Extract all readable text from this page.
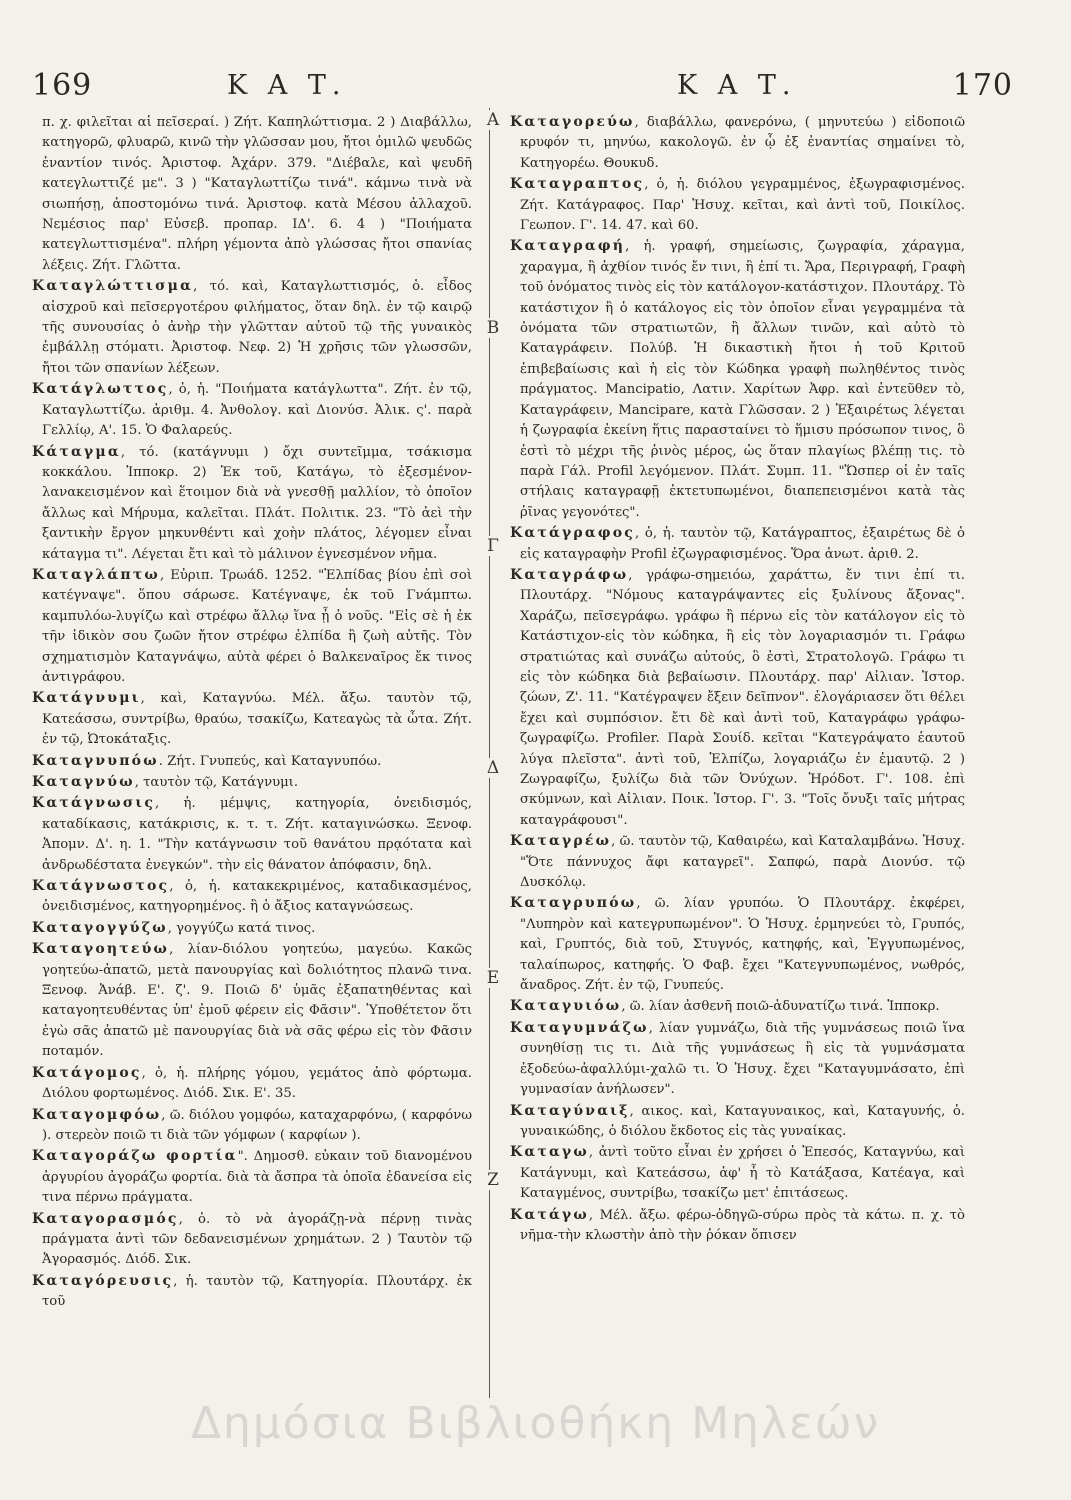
169	Κ Α Τ.	Κ Α Τ.	170

π. χ. φιλεῖται αἱ πεῖσεραί. ) Ζήτ. Καπηλώττισμα. 2 ) Διαβάλλω, κατηγορῶ, φλυαρῶ, κινῶ τὴν γλῶσσαν μου, ἤτοι ὁμιλῶ ψευδῶς ἐναντίον τινός. Ἀριστοφ. Ἀχάρν. 379. "Διέβαλε, καὶ ψευδῆ κατεγλωττιζέ με". 3 ) "Καταγλωττίζω τινά". κάμνω τινὰ νὰ σιωπήσῃ, ἀποστομόνω τινά. Ἀριστοφ. κατὰ Μέσου ἀλλαχοῦ. Νεμέσιος παρ' Εὐσεβ. προπαρ. ΙΔ'. 6. 4 ) "Ποιήματα κατεγλωττισμένα". πλήρη γέμοντα ἀπὸ γλώσσας ἤτοι σπανίας λέξεις. Ζήτ. Γλῶττα.

Καταγλώττισμα, τό. καὶ, Καταγλωττισμός, ὁ. εἶδος αἰσχροῦ καὶ πεῖσεργοτέρου φιλήματος, ὅταν δηλ. ἐν τῷ καιρῷ τῆς συνουσίας ὁ ἀνὴρ τὴν γλῶτταν αὐτοῦ τῷ τῆς γυναικὸς ἐμβάλλῃ στόματι. Ἀριστοφ. Νεφ. 2) Ἡ χρῆσις τῶν γλωσσῶν, ἤτοι τῶν σπανίων λέξεων.

Κατάγλωττος, ὁ, ἡ. "Ποιήματα κατάγλωττα". Ζήτ. ἐν τῷ, Καταγλωττίζω. ἀριθμ. 4. Ἀνθολογ. καὶ Διονύσ. Ἀλικ. ς'. παρὰ Γελλίῳ, Α'. 15. Ὁ Φαλαρεύς.

Κάταγμα, τό. (κατάγνυμι ) ὄχι συντεῖμμα, τσάκισμα κοκκάλου. Ἱπποκρ. 2) Ἐκ τοῦ, Κατάγω, τὸ ἐξεσμένον-λανακεισμένον καὶ ἕτοιμον διὰ νὰ γνεσθῇ μαλλίον, τὸ ὁποῖον ἄλλως καὶ Μήρυμα, καλεῖται. Πλάτ. Πολιτικ. 23. "Τὸ ἀεὶ τὴν ξαντικὴν ἔργον μηκυνθέντι καὶ χοὴν πλάτος, λέγομεν εἶναι κάταγμα τι". Λέγεται ἔτι καὶ τὸ μάλινον ἐγνεσμένον νῆμα.

Καταγλάπτω, Εὐριπ. Τρωάδ. 1252. "Ἐλπίδας βίου ἐπὶ σοὶ κατέγναψε". ὅπου σάρωσε. Κατέγναψε, ἐκ τοῦ Γνάμπτω. καμπυλόω-λυγίζω καὶ στρέφω ἄλλῳ ἵνα ᾖ ὁ νοῦς. "Εἰς σὲ ἡ ἐκ τῆν ἰδικὸν σου ζωῶν ἤτον στρέφω ἐλπίδα ἢ ζωὴ αὐτῆς. Τὸν σχηματισμὸν Καταγνάψω, αὐτὰ φέρει ὁ Βαλκεναῖρος ἔκ τινος ἀντιγράφου.

Κατάγνυμι, καὶ, Καταγνύω. Μέλ. ἄξω. ταυτὸν τῷ, Κατεάσσω, συντρίβω, θραύω, τσακίζω, Κατεαγὼς τὰ ὦτα. Ζήτ. ἐν τῷ, Ὠτοκάταξις.

Καταγνυπόω. Ζήτ. Γνυπεύς, καὶ Καταγνυπόω.

Καταγνύω, ταυτὸν τῷ, Κατάγνυμι.

Κατάγνωσις, ἡ. μέμψις, κατηγορία, ὀνειδισμός, καταδίκασις, κατάκρισις, κ. τ. τ. Ζήτ. καταγινώσκω. Ξενοφ. Ἀπομν. Δ'. η. 1. "Τὴν κατάγνωσιν τοῦ θανάτου πρᾳότατα καὶ ἀνδρωδέστατα ἐνεγκών". τὴν εἰς θάνατον ἀπόφασιν, δηλ.

Κατάγνωστος, ὁ, ἡ. κατακεκριμένος, καταδικασμένος, ὀνειδισμένος, κατηγορημένος. ἢ ὁ ἄξιος καταγνώσεως.

Καταγογγύζω, γογγύζω κατά τινος.

Καταγοητεύω, λίαν-διόλου γοητεύω, μαγεύω. Κακῶς γοητεύω-ἀπατῶ, μετὰ πανουργίας καὶ δολιότητος πλανῶ τινα. Ξενοφ. Ἀνάβ. Ε'. ζ'. 9. Ποιῶ δ' ὑμᾶς ἐξαπατηθέντας καὶ καταγοητευθέντας ὑπ' ἐμοῦ φέρειν εἰς Φᾶσιν". Ὑποθέτετον ὅτι ἐγὼ σᾶς ἀπατῶ μὲ πανουργίας διὰ νὰ σᾶς φέρω εἰς τὸν Φᾶσιν ποταμόν.

Κατάγομος, ὁ, ἡ. πλήρης γόμου, γεμάτος ἀπὸ φόρτωμα. Διόλου φορτωμένος. Διόδ. Σικ. Ε'. 35.

Καταγομφόω, ῶ. διόλου γομφόω, καταχαρφόνω, ( καρφόνω ). στερεὸν ποιῶ τι διὰ τῶν γόμφων ( καρφίων ).

Καταγοράζω φορτία". Δημοσθ. εὐκαιν τοῦ διανομένου ἀργυρίου ἀγοράζω φορτία. διὰ τὰ ἄσπρα τὰ ὁποῖα ἐδανείσα εἰς τινα πέρνω πράγματα.

Καταγορασμός, ὁ. τὸ νὰ ἀγοράζῃ-νὰ πέρνῃ τινὰς πράγματα ἀντὶ τῶν δεδανεισμένων χρημάτων. 2 ) Ταυτὸν τῷ Ἀγορασμός. Διόδ. Σικ.

Καταγόρευσις, ἡ. ταυτὸν τῷ, Κατηγορία. Πλουτάρχ. ἐκ τοῦ

Α
Β
Γ
Δ
Ε
Ζ

Καταγορεύω, διαβάλλω, φανερόνω, ( μηνυτεύω ) εἰδοποιῶ κρυφόν τι, μηνύω, κακολογῶ. ἐν ᾧ ἐξ ἐναντίας σημαίνει τὸ, Κατηγορέω. Θουκυδ.

Καταγραπτος, ὁ, ἡ. διόλου γεγραμμένος, ἐξωγραφισμένος. Ζήτ. Κατάγραφος. Παρ' Ἡσυχ. κεῖται, καὶ ἀντὶ τοῦ, Ποικίλος. Γεωπον. Γ'. 14. 47. καὶ 60.

Καταγραφή, ἡ. γραφή, σημείωσις, ζωγραφία, χάραγμα, χαραγμα, ἢ ἀχθίον τινός ἔν τινι, ἢ ἐπί τι. Ἄρα, Περιγραφή, Γραφὴ τοῦ ὀνόματος τινὸς εἰς τὸν κατάλογον-κατάστιχον. Πλουτάρχ. Τὸ κατάστιχον ἢ ὁ κατάλογος εἰς τὸν ὁποῖον εἶναι γεγραμμένα τὰ ὀνόματα τῶν στρατιωτῶν, ἢ ἄλλων τινῶν, καὶ αὐτὸ τὸ Καταγράφειν. Πολύβ. Ἡ δικαστικὴ ἤτοι ἡ τοῦ Κριτοῦ ἐπιβεβαίωσις καὶ ἡ εἰς τὸν Κώδηκα γραφὴ πωληθέντος τινὸς πράγματος. Mancipatio, Λατιν. Χαρίτων Ἀφρ. καὶ ἐντεῦθεν τὸ, Καταγράφειν, Mancipare, κατὰ Γλῶσσαν. 2 ) Ἐξαιρέτως λέγεται ἡ ζωγραφία ἐκείνη ἥτις παρασταίνει τὸ ἥμισυ πρόσωπον τινος, ὃ ἐστὶ τὸ μέχρι τῆς ῥινὸς μέρος, ὡς ὅταν πλαγίως βλέπῃ τις. τὸ παρὰ Γάλ. Profil λεγόμενον. Πλάτ. Συμπ. 11. "Ὥσπερ οἱ ἐν ταῖς στήλαις καταγραφῇ ἐκτετυπωμένοι, διαπεπεισμένοι κατὰ τὰς ῥῖνας γεγονότες".

Κατάγραφος, ὁ, ἡ. ταυτὸν τῷ, Κατάγραπτος, ἐξαιρέτως δὲ ὁ εἰς καταγραφὴν Profil ἐζωγραφισμένος. Ὅρα ἀνωτ. ἀριθ. 2.

Καταγράφω, γράφω-σημειόω, χαράττω, ἔν τινι ἐπί τι. Πλουτάρχ. "Νόμους καταγράψαντες εἰς ξυλίνους ἄξονας". Χαράζω, πεῖσεγράφω. γράφω ἢ πέρνω εἰς τὸν κατάλογον εἰς τὸ Κατάστιχον-εἰς τὸν κώδηκα, ἢ εἰς τὸν λογαριασμόν τι. Γράφω στρατιώτας καὶ συνάζω αὐτούς, ὃ ἐστὶ, Στρατολογῶ. Γράφω τι εἰς τὸν κώδηκα διὰ βεβαίωσιν. Πλουτάρχ. παρ' Αἰλιαν. Ἱστορ. ζώων, Ζ'. 11. "Κατέγραψεν ἔξειν δεῖπνον". ἐλογάριασεν ὅτι θέλει ἔχει καὶ συμπόσιον. ἔτι δὲ καὶ ἀντὶ τοῦ, Καταγράφω γράφω-ζωγραφίζω. Profiler. Παρὰ Σουίδ. κεῖται "Κατεγράψατο ἑαυτοῦ λύγα πλεῖστα". ἀντὶ τοῦ, Ἐλπίζω, λογαριάζω ἐν ἐμαυτῷ. 2 ) Ζωγραφίζω, ξυλίζω διὰ τῶν Ὀνύχων. Ἡρόδοτ. Γ'. 108. ἐπὶ σκύμνων, καὶ Αἰλιαν. Ποικ. Ἱστορ. Γ'. 3. "Τοῖς ὄνυξι ταῖς μήτρας καταγράφουσι".

Καταγρέω, ῶ. ταυτὸν τῷ, Καθαιρέω, καὶ Καταλαμβάνω. Ἡσυχ. "Ὅτε πάννυχος ἄφι καταγρεῖ". Σαπφώ, παρὰ Διονύσ. τῷ Δυσκόλῳ.

Καταγρυπόω, ῶ. λίαν γρυπόω. Ὁ Πλουτάρχ. ἐκφέρει, "Λυπηρὸν καὶ κατεγρυπωμένον". Ὁ Ἡσυχ. ἑρμηνεύει τὸ, Γρυπός, καὶ, Γρυπτός, διὰ τοῦ, Στυγνός, κατηφής, καὶ, Ἐγγυπωμένος, ταλαίπωρος, κατηφής. Ὁ Φαβ. ἔχει "Κατεγνυπωμένος, νωθρός, ἄναδρος. Ζήτ. ἐν τῷ, Γνυπεύς.

Καταγυιόω, ῶ. λίαν ἀσθενῆ ποιῶ-ἀδυνατίζω τινά. Ἱπποκρ.

Καταγυμνάζω, λίαν γυμνάζω, διὰ τῆς γυμνάσεως ποιῶ ἵνα συνηθίσῃ τις τι. Διὰ τῆς γυμνάσεως ἢ εἰς τὰ γυμνάσματα ἐξοδεύω-ἀφαλλύμι-χαλῶ τι. Ὁ Ἡσυχ. ἔχει "Καταγυμνάσατο, ἐπὶ γυμνασίαν ἀνήλωσεν".

Καταγύναιξ, αικος. καὶ, Καταγυναικος, καὶ, Καταγυνής, ὁ. γυναικώδης, ὁ διόλου ἔκδοτος εἰς τὰς γυναίκας.

Καταγω, ἀντὶ τοῦτο εἶναι ἐν χρήσει ὁ Ἐπεσός, Καταγνύω, καὶ Κατάγνυμι, καὶ Κατεάσσω, ἀφ' ἧ τὸ Κατάξασα, Κατέαγα, καὶ Καταγμένος, συντρίβω, τσακίζω μετ' ἐπιτάσεως.

Κατάγω, Μέλ. ἄξω. φέρω-ὀδηγῶ-σύρω πρὸς τὰ κάτω. π. χ. τὸ νῆμα-τὴν κλωστὴν ἀπὸ τὴν ῥόκαν ὅπισεν

Δημόσια Βιβλιοθήκη Μηλεών
